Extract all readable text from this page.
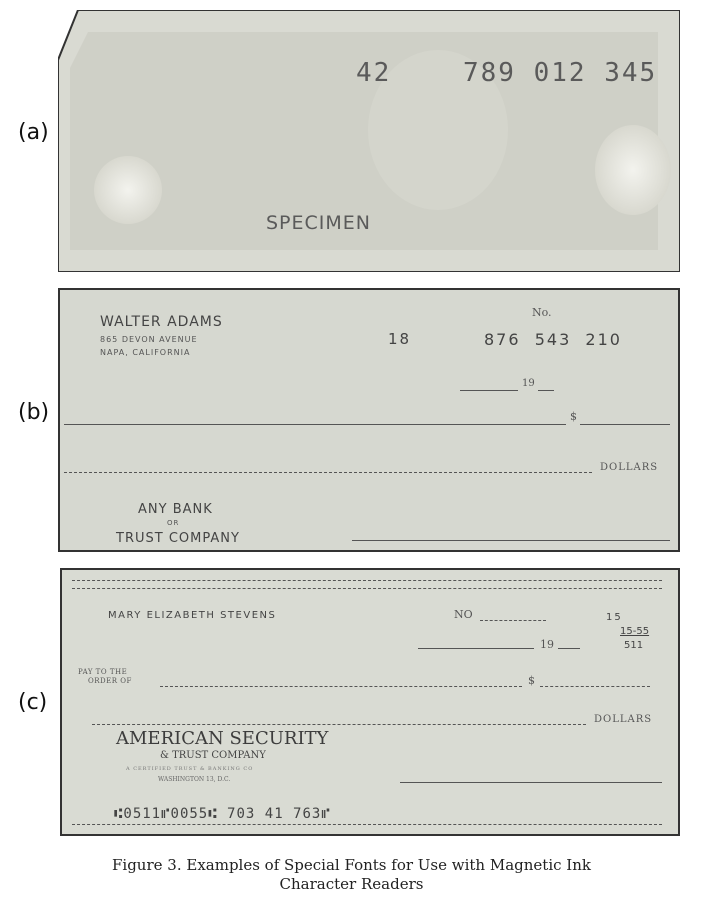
(a)
(b)
(c)
42	789 012 345
SPECIMEN
WALTER ADAMS
865 DEVON AVENUE
NAPA, CALIFORNIA
No.
18	876  543  210
19
$
DOLLARS
ANY BANK
OR
TRUST COMPANY
MARY ELIZABETH STEVENS	NO	15
15-55
511
19
PAY TO THE
ORDER OF	$
DOLLARS
AMERICAN SECURITY
& TRUST COMPANY
A CERTIFIED TRUST & BANKING CO
WASHINGTON 13, D.C.
⑆0511⑈0055⑆ 703 41 763⑈
Figure 3. Examples of Special Fonts for Use with Magnetic Ink
Character Readers
